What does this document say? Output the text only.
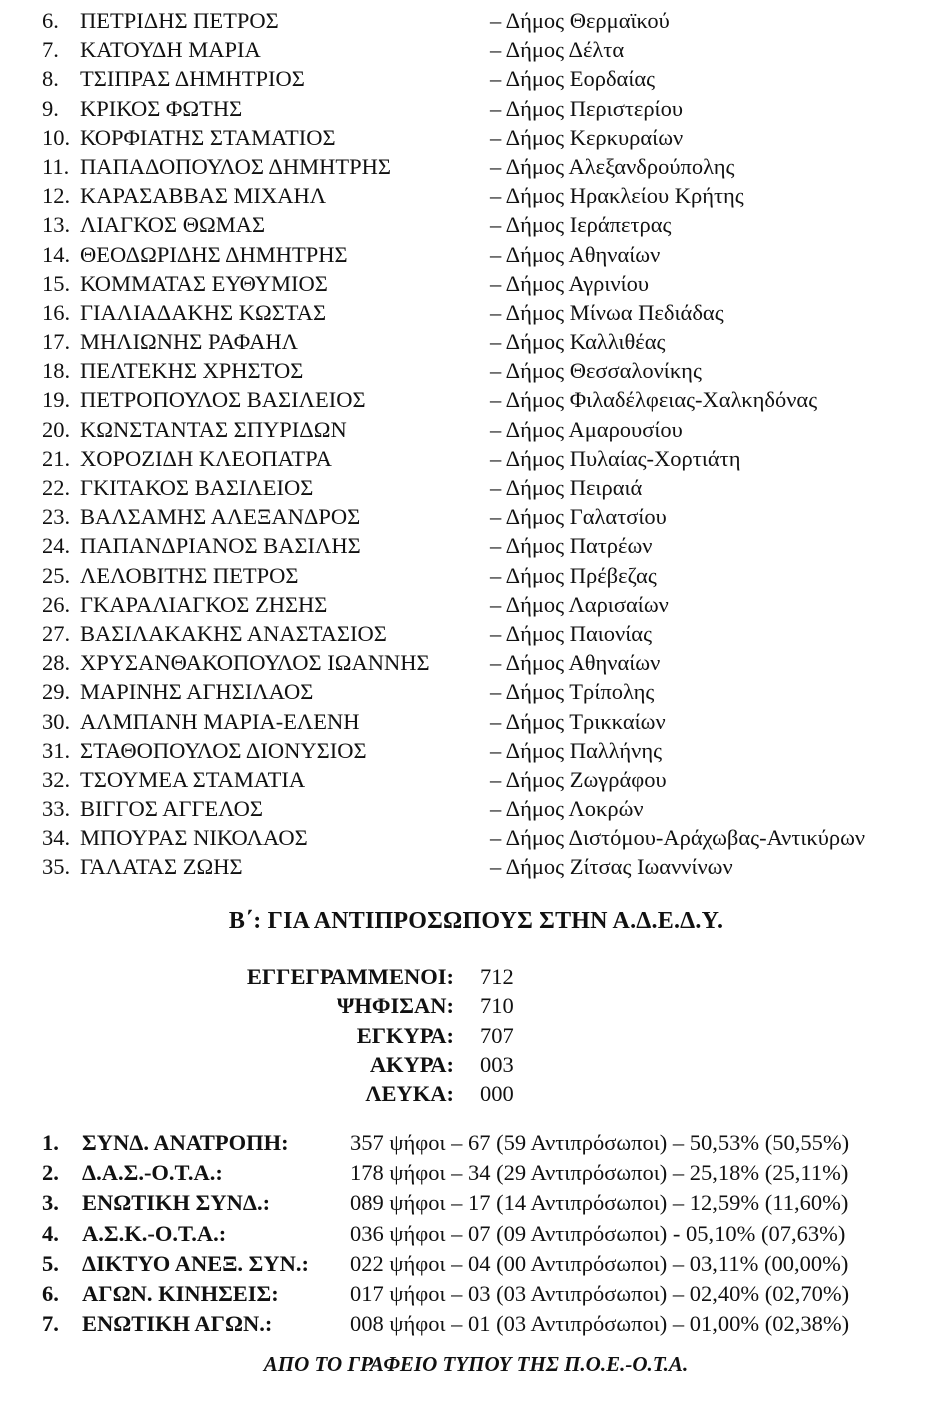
6. ΠΕΤΡΙΔΗΣ ΠΕΤΡΟΣ	– Δήμος Θερμαϊκού
7. ΚΑΤΟΥΔΗ ΜΑΡΙΑ	– Δήμος Δέλτα
8. ΤΣΙΠΡΑΣ ΔΗΜΗΤΡΙΟΣ	– Δήμος Εορδαίας
9. ΚΡΙΚΟΣ ΦΩΤΗΣ	– Δήμος Περιστερίου
10. ΚΟΡΦΙΑΤΗΣ ΣΤΑΜΑΤΙΟΣ	– Δήμος Κερκυραίων
11. ΠΑΠΑΔΟΠΟΥΛΟΣ ΔΗΜΗΤΡΗΣ	– Δήμος Αλεξανδρούπολης
12. ΚΑΡΑΣΑΒΒΑΣ ΜΙΧΑΗΛ	– Δήμος Ηρακλείου Κρήτης
13. ΛΙΑΓΚΟΣ ΘΩΜΑΣ	– Δήμος Ιεράπετρας
14. ΘΕΟΔΩΡΙΔΗΣ ΔΗΜΗΤΡΗΣ	– Δήμος Αθηναίων
15. ΚΟΜΜΑΤΑΣ ΕΥΘΥΜΙΟΣ	– Δήμος Αγρινίου
16. ΓΙΑΛΙΑΔΑΚΗΣ ΚΩΣΤΑΣ	– Δήμος Μίνωα Πεδιάδας
17. ΜΗΛΙΩΝΗΣ ΡΑΦΑΗΛ	– Δήμος Καλλιθέας
18. ΠΕΛΤΕΚΗΣ ΧΡΗΣΤΟΣ	– Δήμος Θεσσαλονίκης
19. ΠΕΤΡΟΠΟΥΛΟΣ ΒΑΣΙΛΕΙΟΣ	– Δήμος Φιλαδέλφειας-Χαλκηδόνας
20. ΚΩΝΣΤΑΝΤΑΣ ΣΠΥΡΙΔΩΝ	– Δήμος Αμαρουσίου
21. ΧΟΡΟΖΙΔΗ ΚΛΕΟΠΑΤΡΑ	– Δήμος Πυλαίας-Χορτιάτη
22. ΓΚΙΤΑΚΟΣ ΒΑΣΙΛΕΙΟΣ	– Δήμος Πειραιά
23. ΒΑΛΣΑΜΗΣ ΑΛΕΞΑΝΔΡΟΣ	– Δήμος Γαλατσίου
24. ΠΑΠΑΝΔΡΙΑΝΟΣ ΒΑΣΙΛΗΣ	– Δήμος Πατρέων
25. ΛΕΛΟΒΙΤΗΣ ΠΕΤΡΟΣ	– Δήμος Πρέβεζας
26. ΓΚΑΡΑΛΙΑΓΚΟΣ ΖΗΣΗΣ	– Δήμος Λαρισαίων
27. ΒΑΣΙΛΑΚΑΚΗΣ ΑΝΑΣΤΑΣΙΟΣ	– Δήμος Παιονίας
28. ΧΡΥΣΑΝΘΑΚΟΠΟΥΛΟΣ ΙΩΑΝΝΗΣ	– Δήμος Αθηναίων
29. ΜΑΡΙΝΗΣ ΑΓΗΣΙΛΑΟΣ	– Δήμος Τρίπολης
30. ΑΛΜΠΑΝΗ ΜΑΡΙΑ-ΕΛΕΝΗ	– Δήμος Τρικκαίων
31. ΣΤΑΘΟΠΟΥΛΟΣ ΔΙΟΝΥΣΙΟΣ	– Δήμος Παλλήνης
32. ΤΣΟΥΜΕΑ ΣΤΑΜΑΤΙΑ	– Δήμος Ζωγράφου
33. ΒΙΓΓΟΣ ΑΓΓΕΛΟΣ	– Δήμος Λοκρών
34. ΜΠΟΥΡΑΣ ΝΙΚΟΛΑΟΣ	– Δήμος Διστόμου-Αράχωβας-Αντικύρων
35. ΓΑΛΑΤΑΣ ΖΩΗΣ	– Δήμος Ζίτσας Ιωαννίνων
Β΄: ΓΙΑ ΑΝΤΙΠΡΟΣΩΠΟΥΣ ΣΤΗΝ Α.Δ.Ε.Δ.Υ.
ΕΓΓΕΓΡΑΜΜΕΝΟΙ: 712
ΨΗΦΙΣΑΝ: 710
ΕΓΚΥΡΑ: 707
ΑΚΥΡΑ: 003
ΛΕΥΚΑ: 000
1. ΣΥΝΔ. ΑΝΑΤΡΟΠΗ:	357 ψήφοι – 67 (59 Αντιπρόσωποι) – 50,53% (50,55%)
2. Δ.Α.Σ.-Ο.Τ.Α.:	178 ψήφοι – 34 (29 Αντιπρόσωποι) – 25,18% (25,11%)
3. ΕΝΩΤΙΚΗ ΣΥΝΔ.:	089 ψήφοι – 17 (14 Αντιπρόσωποι) – 12,59% (11,60%)
4. Α.Σ.Κ.-Ο.Τ.Α.:	036 ψήφοι – 07 (09 Αντιπρόσωποι) - 05,10% (07,63%)
5. ΔΙΚΤΥΟ ΑΝΕΞ. ΣΥΝ.: 022 ψήφοι – 04 (00 Αντιπρόσωποι) – 03,11% (00,00%)
6. ΑΓΩΝ. ΚΙΝΗΣΕΙΣ:	017 ψήφοι – 03 (03 Αντιπρόσωποι) – 02,40% (02,70%)
7. ΕΝΩΤΙΚΗ ΑΓΩΝ.:	008 ψήφοι – 01 (03 Αντιπρόσωποι) – 01,00% (02,38%)
ΑΠΟ ΤΟ ΓΡΑΦΕΙΟ ΤΥΠΟΥ ΤΗΣ Π.Ο.Ε.-Ο.Τ.Α.
